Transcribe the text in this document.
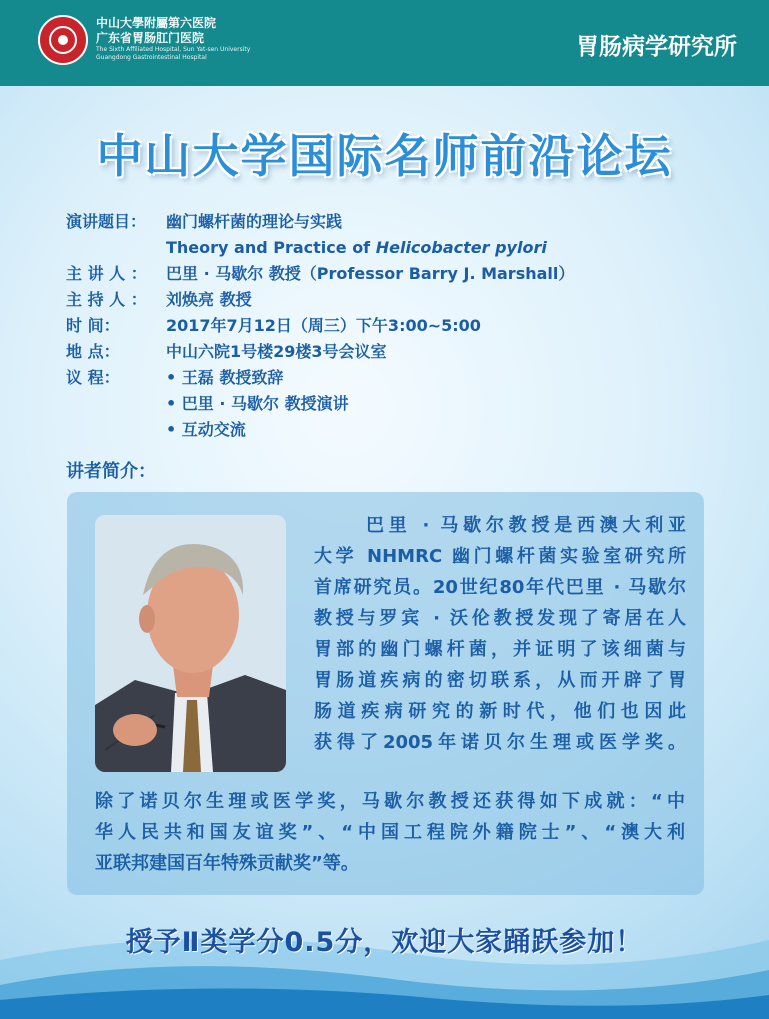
中山大學附屬第六医院
广东省胃肠肛门医院
The Sixth Affiliated Hospital, Sun Yat-sen University
Guangdong Gastrointestinal Hospital	胃肠病学研究所
中山大学国际名师前沿论坛
演讲题目：	幽门螺杆菌的理论与实践
Theory and Practice of Helicobacter pylori
主 讲 人 ：	巴里 · 马歇尔 教授（Professor Barry J. Marshall）
主 持 人 ：	刘焕亮 教授
时 间：	2017年7月12日（周三）下午3:00~5:00
地 点：	中山六院1号楼29楼3号会议室
议 程：	• 王磊 教授致辞
• 巴里 · 马歇尔 教授演讲
• 互动交流
讲者简介：
巴里 · 马歇尔教授是西澳大利亚
大学 NHMRC 幽门螺杆菌实验室研究所
首席研究员。20世纪80年代巴里 · 马歇尔
教授与罗宾 · 沃伦教授发现了寄居在人
胃部的幽门螺杆菌，并证明了该细菌与
胃肠道疾病的密切联系，从而开辟了胃
肠道疾病研究的新时代，他们也因此
获得了2005年诺贝尔生理或医学奖。
除了诺贝尔生理或医学奖，马歇尔教授还获得如下成就：“中
华人民共和国友谊奖”、“中国工程院外籍院士”、“澳大利
亚联邦建国百年特殊贡献奖”等。
授予Ⅱ类学分0.5分，欢迎大家踊跃参加！
